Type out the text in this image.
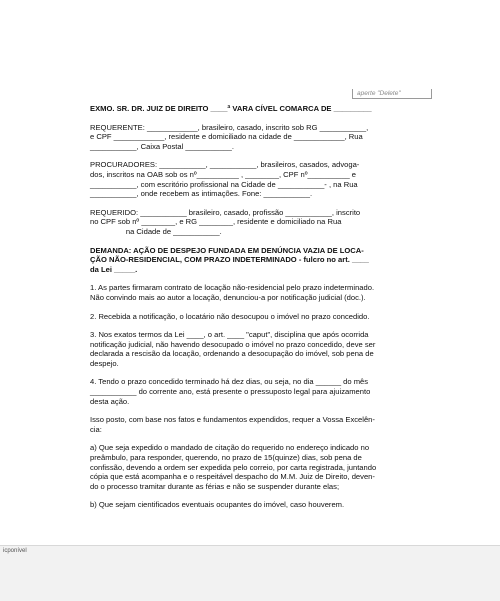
aperte "Delete"

EXMO. SR. DR. JUIZ DE DIREITO ____ª VARA CÍVEL COMARCA DE _________

REQUERENTE: ____________, brasileiro, casado, inscrito sob RG ___________,

e CPF ____________, residente e domiciliado na cidade de ____________, Rua

___________, Caixa Postal ___________.

PROCURADORES: ___________, ___________, brasileiros, casados, advoga-

dos, inscritos na OAB sob os nº__________ , ________, CPF nº__________ e

___________, com escritório profissional na Cidade de ___________- , na Rua

___________, onde recebem as intimações. Fone: ___________.

REQUERIDO: ___________ brasileiro, casado, profissão ___________, inscrito

no CPF sob nº ________, e RG ________, residente e domiciliado na Rua

na Cidade de ___________.

DEMANDA: AÇÃO DE DESPEJO FUNDADA EM DENÚNCIA VAZIA DE LOCA-

ÇÃO NÃO-RESIDENCIAL, COM PRAZO INDETERMINADO - fulcro no art. ____

da Lei _____.

1. As partes firmaram contrato de locação não-residencial pelo prazo indeterminado.

Não convindo mais ao autor a locação, denunciou-a por notificação judicial (doc.).

2. Recebida a notificação, o locatário não desocupou o imóvel no prazo concedido.

3. Nos exatos termos da Lei ____, o art. ____ "caput", disciplina que após ocorrida

notificação judicial, não havendo desocupado o imóvel no prazo concedido, deve ser

declarada a rescisão da locação, ordenando a desocupação do imóvel, sob pena de

despejo.

4. Tendo o prazo concedido terminado há dez dias, ou seja, no dia ______ do mês

___________ do corrente ano, está presente o pressuposto legal para ajuizamento

desta ação.

Isso posto, com base nos fatos e fundamentos expendidos, requer a Vossa Excelên-

cia:

a) Que seja expedido o mandado de citação do requerido no endereço indicado no

preâmbulo, para responder, querendo, no prazo de 15(quinze) dias, sob pena de

confissão, devendo a ordem ser expedida pelo correio, por carta registrada, juntando

cópia que está acompanha e o respeitável despacho do M.M. Juiz de Direito, deven-

do o processo tramitar durante as férias e não se suspender durante elas;

b) Que sejam cientificados eventuais ocupantes do imóvel, caso houverem.

icponível
